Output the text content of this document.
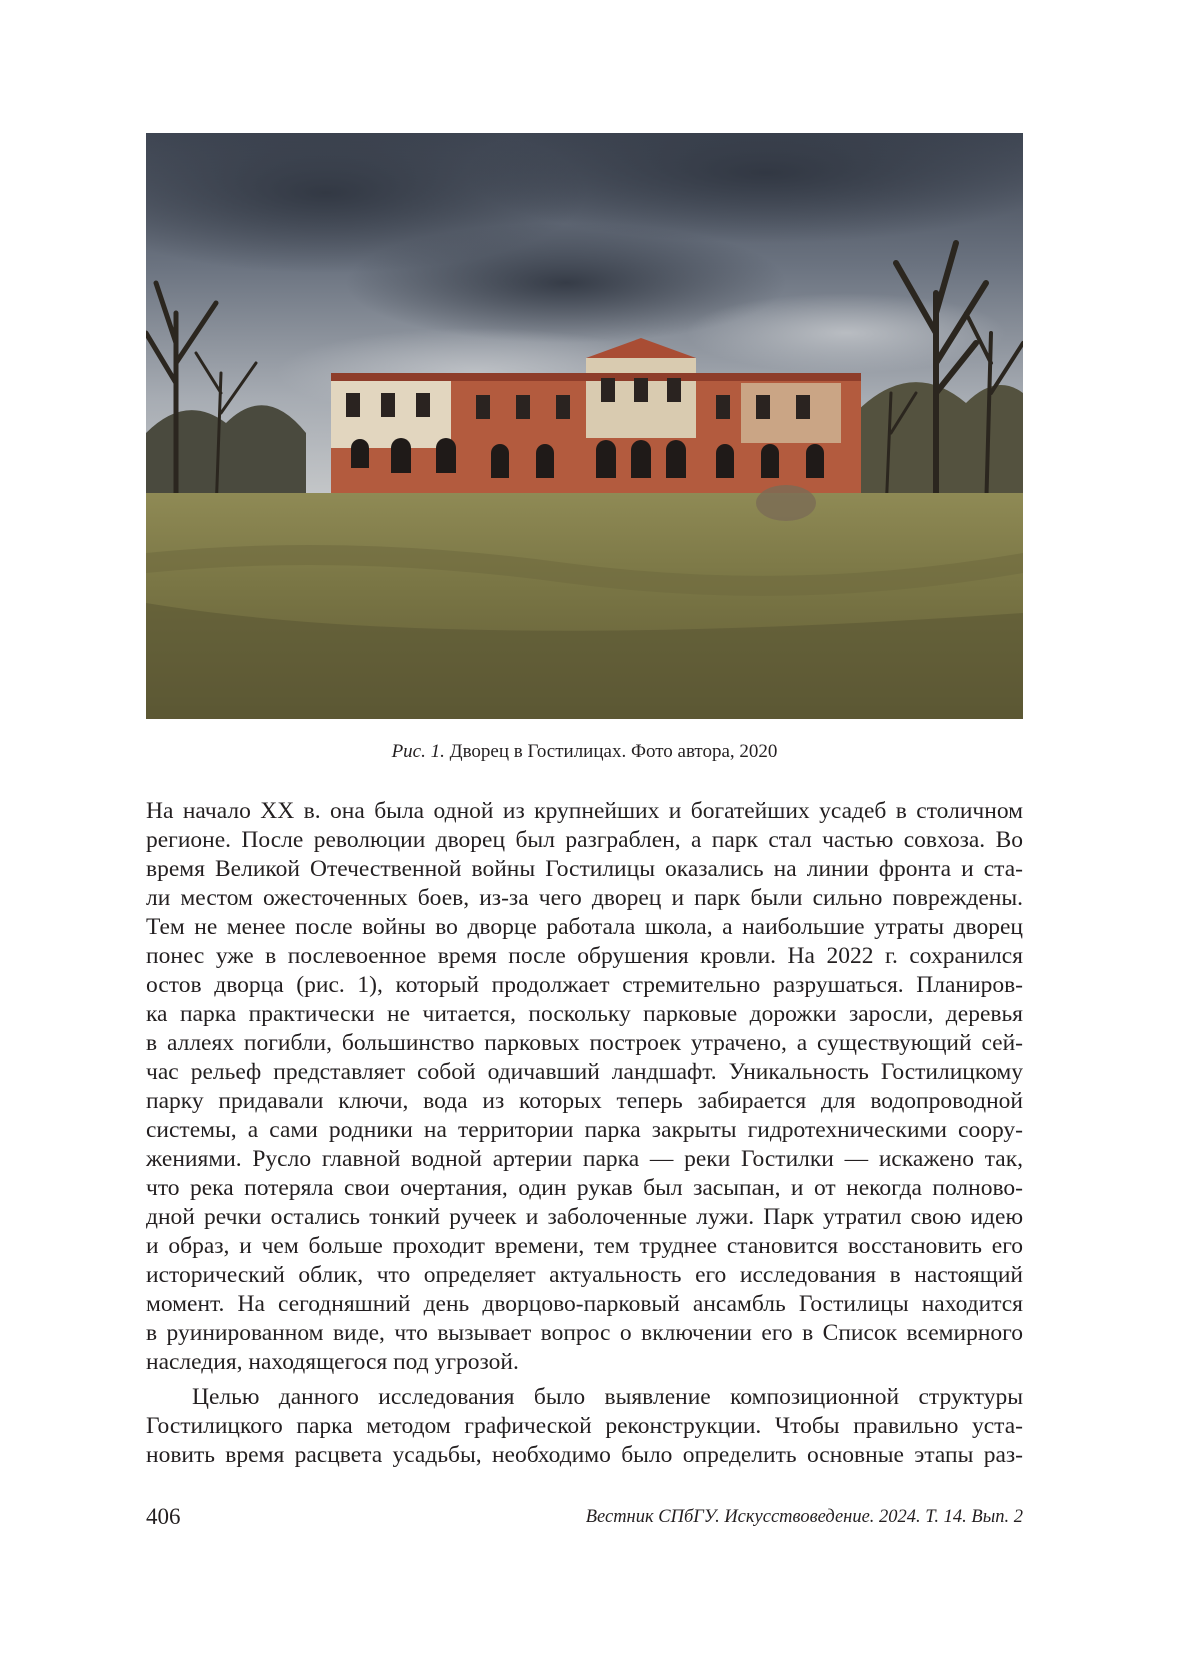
Рис. 1. Дворец в Гостилицах. Фото автора, 2020
На начало XX в. она была одной из крупнейших и богатейших усадеб в столичном
регионе. После революции дворец был разграблен, а парк стал частью совхоза. Во
время Великой Отечественной войны Гостилицы оказались на линии фронта и ста-
ли местом ожесточенных боев, из-за чего дворец и парк были сильно повреждены.
Тем не менее после войны во дворце работала школа, а наибольшие утраты дворец
понес уже в послевоенное время после обрушения кровли. На 2022 г. сохранился
остов дворца (рис. 1), который продолжает стремительно разрушаться. Планиров-
ка парка практически не читается, поскольку парковые дорожки заросли, деревья
в аллеях погибли, большинство парковых построек утрачено, а существующий сей-
час рельеф представляет собой одичавший ландшафт. Уникальность Гостилицкому
парку придавали ключи, вода из которых теперь забирается для водопроводной
системы, а сами родники на территории парка закрыты гидротехническими соору-
жениями. Русло главной водной артерии парка — реки Гостилки — искажено так,
что река потеряла свои очертания, один рукав был засыпан, и от некогда полново-
дной речки остались тонкий ручеек и заболоченные лужи. Парк утратил свою идею
и образ, и чем больше проходит времени, тем труднее становится восстановить его
исторический облик, что определяет актуальность его исследования в настоящий
момент. На сегодняшний день дворцово-парковый ансамбль Гостилицы находится
в руинированном виде, что вызывает вопрос о включении его в Список всемирного
наследия, находящегося под угрозой.
Целью данного исследования было выявление композиционной структуры
Гостилицкого парка методом графической реконструкции. Чтобы правильно уста-
новить время расцвета усадьбы, необходимо было определить основные этапы раз-
406	Вестник СПбГУ. Искусствоведение. 2024. Т. 14. Вып. 2
